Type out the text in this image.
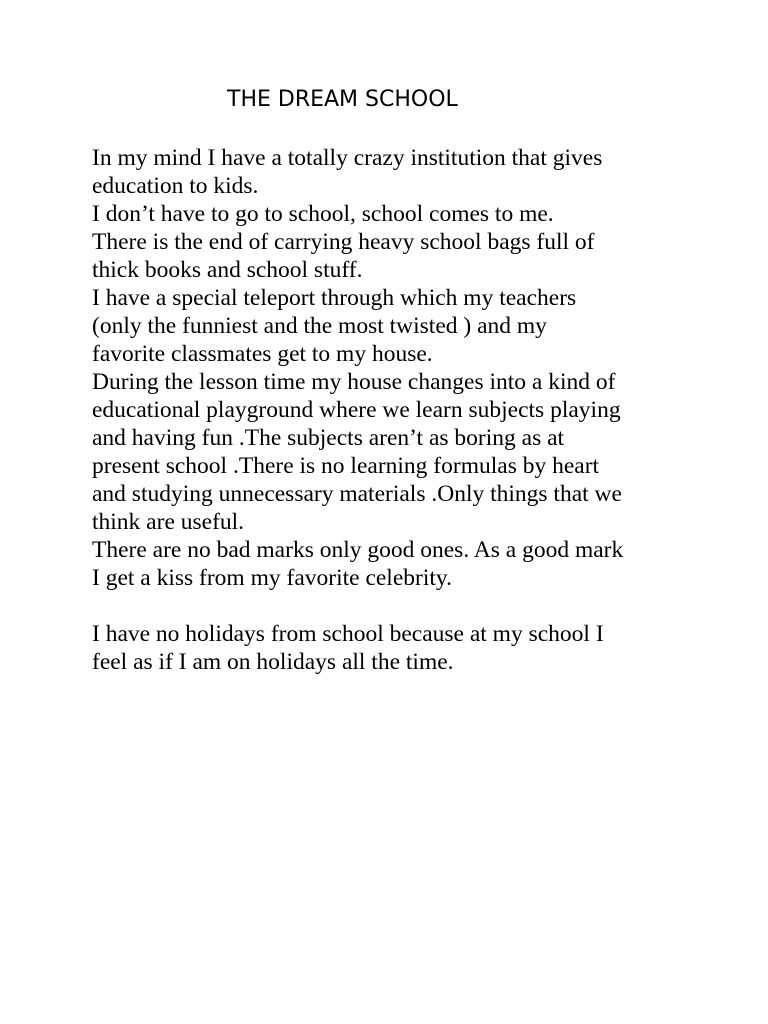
THE DREAM SCHOOL
In my mind I have a totally crazy institution that gives
education to kids.
I don’t have to go to school, school comes to me.
There is the end of carrying heavy school bags full of
thick books and school stuff.
I have a special teleport through which my teachers
(only the funniest and the most twisted ) and my
favorite classmates get to my house.
During the lesson time my house changes into a kind of
educational playground where we learn subjects playing
and having fun .The subjects aren’t as boring as at
present school .There is no learning formulas by heart
and studying unnecessary materials .Only things that we
think are useful.
There are no bad marks only good ones. As a good mark
I get a kiss from my favorite celebrity.
I have no holidays from school because at my school I
feel as if I am on holidays all the time.
